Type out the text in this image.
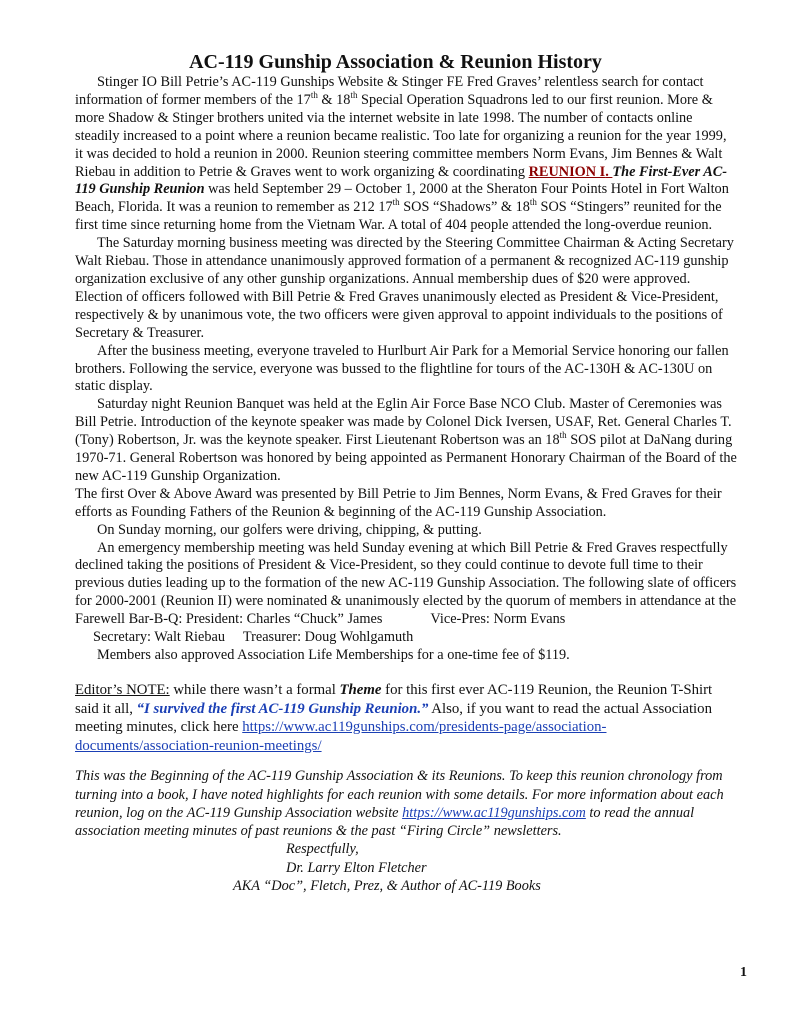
AC-119 Gunship Association & Reunion History

Stinger IO Bill Petrie’s AC-119 Gunships Website & Stinger FE Fred Graves’ relentless search for contact information of former members of the 17th & 18th Special Operation Squadrons led to our first reunion. More & more Shadow & Stinger brothers united via the internet website in late 1998. The number of contacts online steadily increased to a point where a reunion became realistic. Too late for organizing a reunion for the year 1999, it was decided to hold a reunion in 2000. Reunion steering committee members Norm Evans, Jim Bennes & Walt Riebau in addition to Petrie & Graves went to work organizing & coordinating REUNION I. The First-Ever AC-119 Gunship Reunion was held September 29 – October 1, 2000 at the Sheraton Four Points Hotel in Fort Walton Beach, Florida. It was a reunion to remember as 212 17th SOS “Shadows” & 18th SOS “Stingers” reunited for the first time since returning home from the Vietnam War. A total of 404 people attended the long-overdue reunion.

The Saturday morning business meeting was directed by the Steering Committee Chairman & Acting Secretary Walt Riebau. Those in attendance unanimously approved formation of a permanent & recognized AC-119 gunship organization exclusive of any other gunship organizations. Annual membership dues of $20 were approved. Election of officers followed with Bill Petrie & Fred Graves unanimously elected as President & Vice-President, respectively & by unanimous vote, the two officers were given approval to appoint individuals to the positions of Secretary & Treasurer.

After the business meeting, everyone traveled to Hurlburt Air Park for a Memorial Service honoring our fallen brothers. Following the service, everyone was bussed to the flightline for tours of the AC-130H & AC-130U on static display.

Saturday night Reunion Banquet was held at the Eglin Air Force Base NCO Club. Master of Ceremonies was Bill Petrie. Introduction of the keynote speaker was made by Colonel Dick Iversen, USAF, Ret. General Charles T. (Tony) Robertson, Jr. was the keynote speaker. First Lieutenant Robertson was an 18th SOS pilot at DaNang during 1970-71. General Robertson was honored by being appointed as Permanent Honorary Chairman of the Board of the new AC-119 Gunship Organization.

The first Over & Above Award was presented by Bill Petrie to Jim Bennes, Norm Evans, & Fred Graves for their efforts as Founding Fathers of the Reunion & beginning of the AC-119 Gunship Association.

On Sunday morning, our golfers were driving, chipping, & putting.

An emergency membership meeting was held Sunday evening at which Bill Petrie & Fred Graves respectfully declined taking the positions of President & Vice-President, so they could continue to devote full time to their previous duties leading up to the formation of the new AC-119 Gunship Association. The following slate of officers for 2000-2001 (Reunion II) were nominated & unanimously elected by the quorum of members in attendance at the Farewell Bar-B-Q: President: Charles “Chuck” James	Vice-Pres: Norm Evans
Secretary: Walt Riebau Treasurer: Doug Wohlgamuth

Members also approved Association Life Memberships for a one-time fee of $119.

Editor’s NOTE: while there wasn’t a formal Theme for this first ever AC-119 Reunion, the Reunion T-Shirt said it all, “I survived the first AC-119 Gunship Reunion.” Also, if you want to read the actual Association meeting minutes, click here https://www.ac119gunships.com/presidents-page/association-documents/association-reunion-meetings/

This was the Beginning of the AC-119 Gunship Association & its Reunions. To keep this reunion chronology from turning into a book, I have noted highlights for each reunion with some details. For more information about each reunion, log on the AC-119 Gunship Association website https://www.ac119gunships.com to read the annual association meeting minutes of past reunions & the past “Firing Circle” newsletters.

Respectfully,

Dr. Larry Elton Fletcher

AKA “Doc”, Fletch, Prez, & Author of AC-119 Books

1
